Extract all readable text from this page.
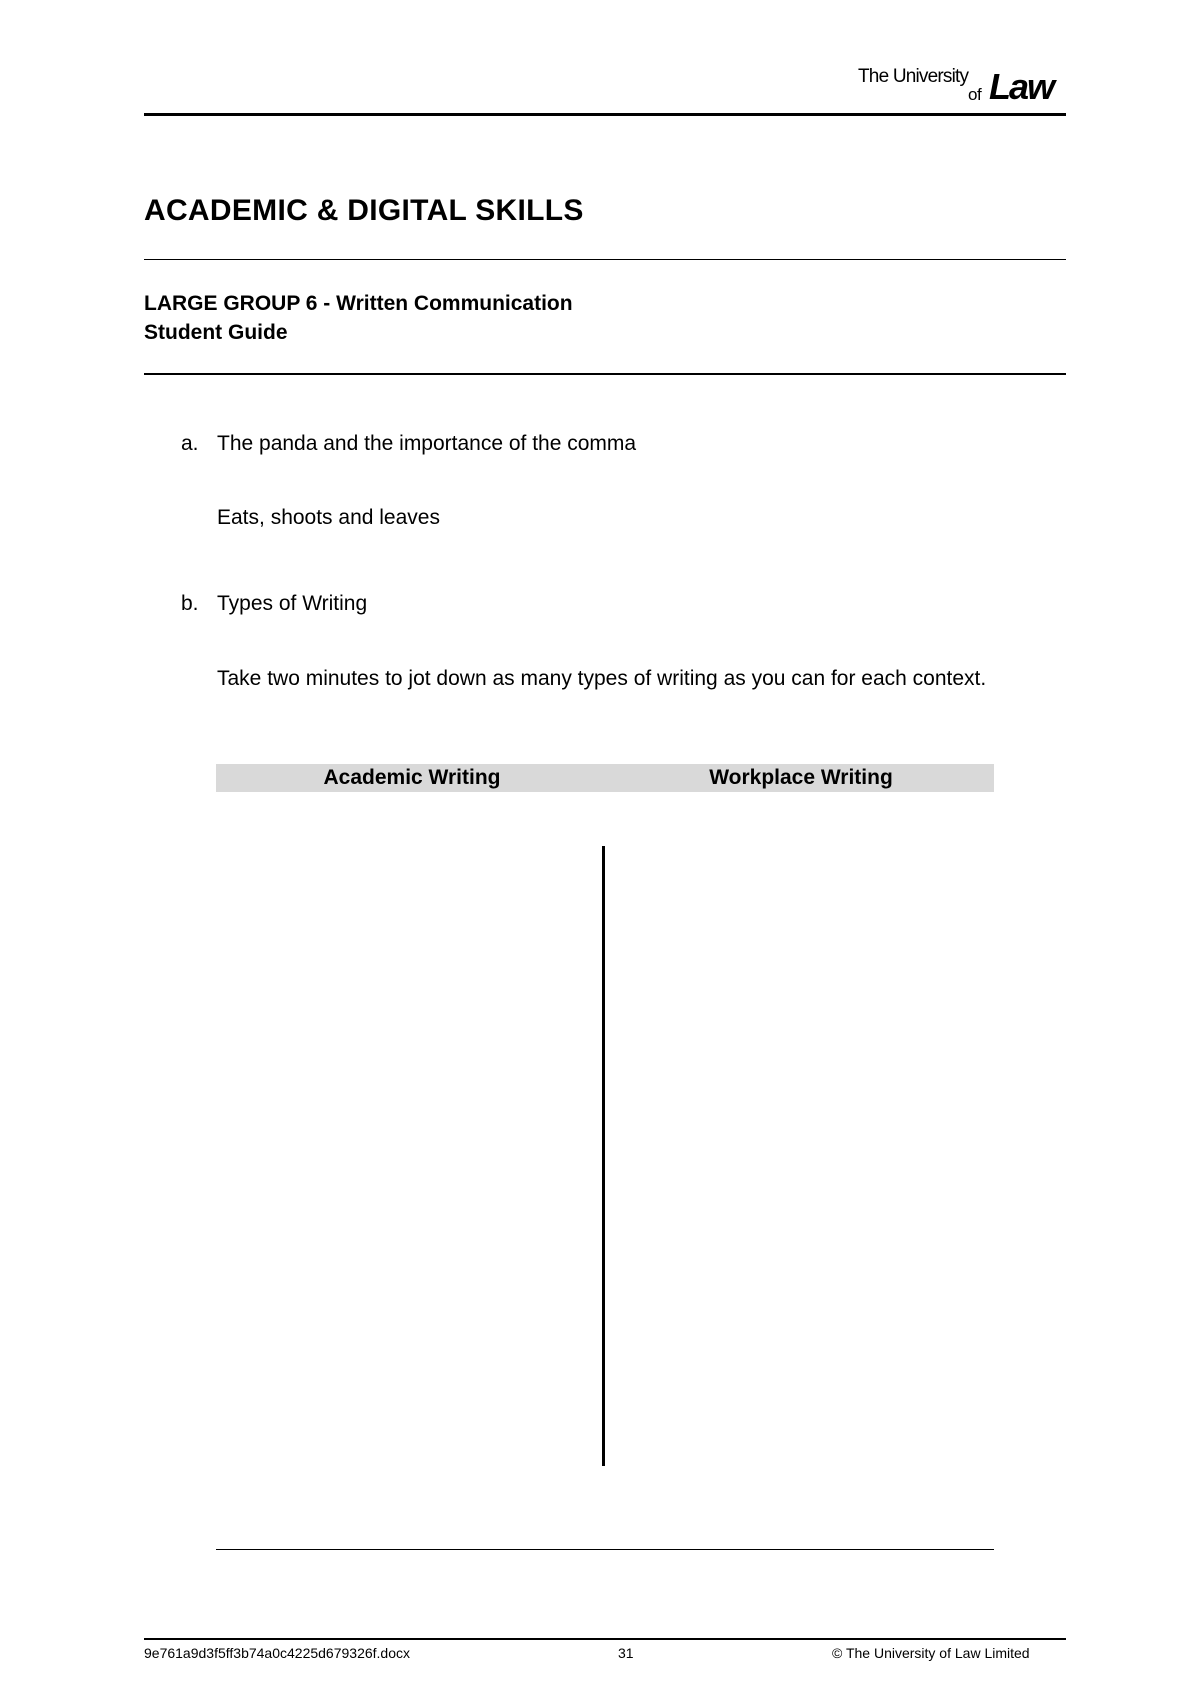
The University
of Law
ACADEMIC & DIGITAL SKILLS
LARGE GROUP 6 - Written Communication
Student Guide
a. The panda and the importance of the comma
Eats, shoots and leaves
b. Types of Writing
Take two minutes to jot down as many types of writing as you can for each context.
Academic Writing	Workplace Writing
9e761a9d3f5ff3b74a0c4225d679326f.docx	31	© The University of Law Limited
